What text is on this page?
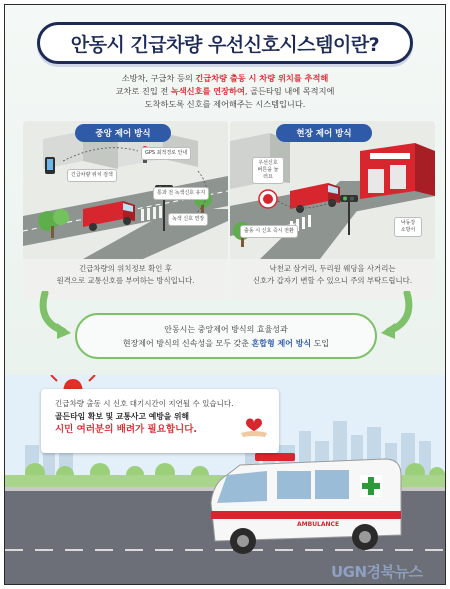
안동시 긴급차량 우선신호시스템이란?
소방차, 구급차 등의 긴급차량 출동 시 차량 위치를 추적해
교차로 진입 전 녹색신호를 연장하여, 골든타임 내에 목적지에
도착하도록 신호를 제어해주는 시스템입니다.
중앙 제어 방식	현장 제어 방식
긴급차량 위치 검색
GPS 최적경로 안내
통과 전 녹색신호 유지
녹색 신호 연장
긴급차량의 위치정보 확인 후
원격으로 교통신호를 부여하는 방식입니다.
우선신호 버튼을 눌러요
출동 시 신호 즉시 전환
낙동강 소방서
낙천교 삼거리, 두리원 웨딩을 사거리는
신호가 갑자기 변할 수 있으니 주의 부탁드립니다.
안동시는 중앙제어 방식의 효율성과
현장제어 방식의 신속성을 모두 갖춘 혼합형 제어 방식 도입
AMBULANCE
긴급차량 출동 시 신호 대기시간이 지연될 수 있습니다.
골든타임 확보 및 교통사고 예방을 위해
시민 여러분의 배려가 필요합니다.
UGN경북뉴스
